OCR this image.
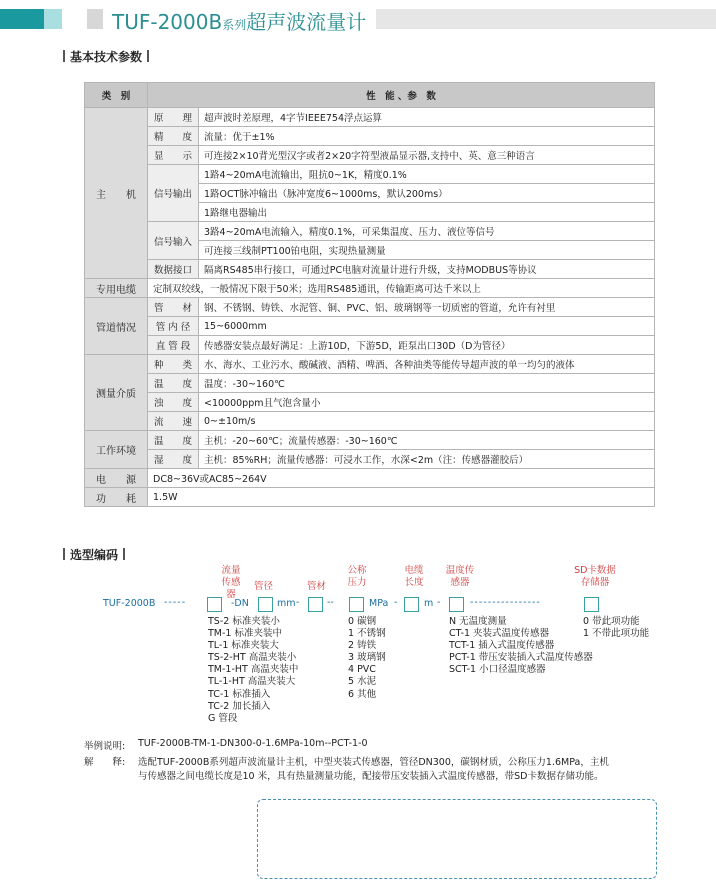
TUF-2000B系列超声波流量计
基本技术参数
类　别	性　能 、参　数	
主　　机	原　　理	超声波时差原理，4字节IEEE754浮点运算
	精　　度	流量：优于±1%
	显　　示	可连接2×10背光型汉字或者2×20字符型液晶显示器,支持中、英、意三种语言
	信号输出	1路4~20mA电流输出，阻抗0~1K，精度0.1%
		1路OCT脉冲输出（脉冲宽度6~1000ms，默认200ms）
		1路继电器输出
	信号输入	3路4~20mA电流输入，精度0.1%，可采集温度、压力、液位等信号
		可连接三线制PT100铂电阻，实现热量测量
	数据接口	隔离RS485串行接口，可通过PC电脑对流量计进行升级，支持MODBUS等协议
专用电缆	定制双绞线，一般情况下限于50米；选用RS485通讯，传输距离可达千米以上	
管道情况	管　　材	钢、不锈钢、铸铁、水泥管、铜、PVC、铝、玻璃钢等一切质密的管道，允许有衬里
	管 内 径	15~6000mm
	直 管 段	传感器安装点最好满足：上游10D，下游5D，距泵出口30D（D为管径）
测量介质	种　　类	水、海水、工业污水、酸碱液、酒精、啤酒、各种油类等能传导超声波的单一均匀的液体
	温　　度	温度：-30~160℃
	浊　　度	<10000ppm且气泡含量小
	流　　速	0~±10m/s
工作环境	温　　度	主机：-20~60℃；流量传感器：-30~160℃
	湿　　度	主机：85%RH；流量传感器：可浸水工作，水深<2m（注：传感器灌胶后）
电　　源	DC8~36V或AC85~264V	
功　　耗	1.5W	
选型编码
流量传感器
管径	管材
公称压力
电缆长度
温度传感器
SD卡数据存储器
TUF-2000B -----	-DN	mm -	--	MPa -	m -	----------------
TS-2 标准夹装小
TM-1 标准夹装中
TL-1 标准夹装大
TS-2-HT 高温夹装小
TM-1-HT 高温夹装中
TL-1-HT 高温夹装大
TC-1 标准插入
TC-2 加长插入
G 管段
0 碳钢
1 不锈钢
2 铸铁
3 玻璃钢
4 PVC
5 水泥
6 其他
N 无温度测量
CT-1 夹装式温度传感器
TCT-1 插入式温度传感器
PCT-1 带压安装插入式温度传感器
SCT-1 小口径温度感器
0 带此项功能
1 不带此项功能
举例说明: TUF-2000B-TM-1-DN300-0-1.6MPa-10m--PCT-1-0
解　　释: 选配TUF-2000B系列超声波流量计主机，中型夹装式传感器，管径DN300，碳钢材质，公称压力1.6MPa，主机
与传感器之间电缆长度是10 米，具有热量测量功能，配接带压安装插入式温度传感器，带SD卡数据存储功能。
